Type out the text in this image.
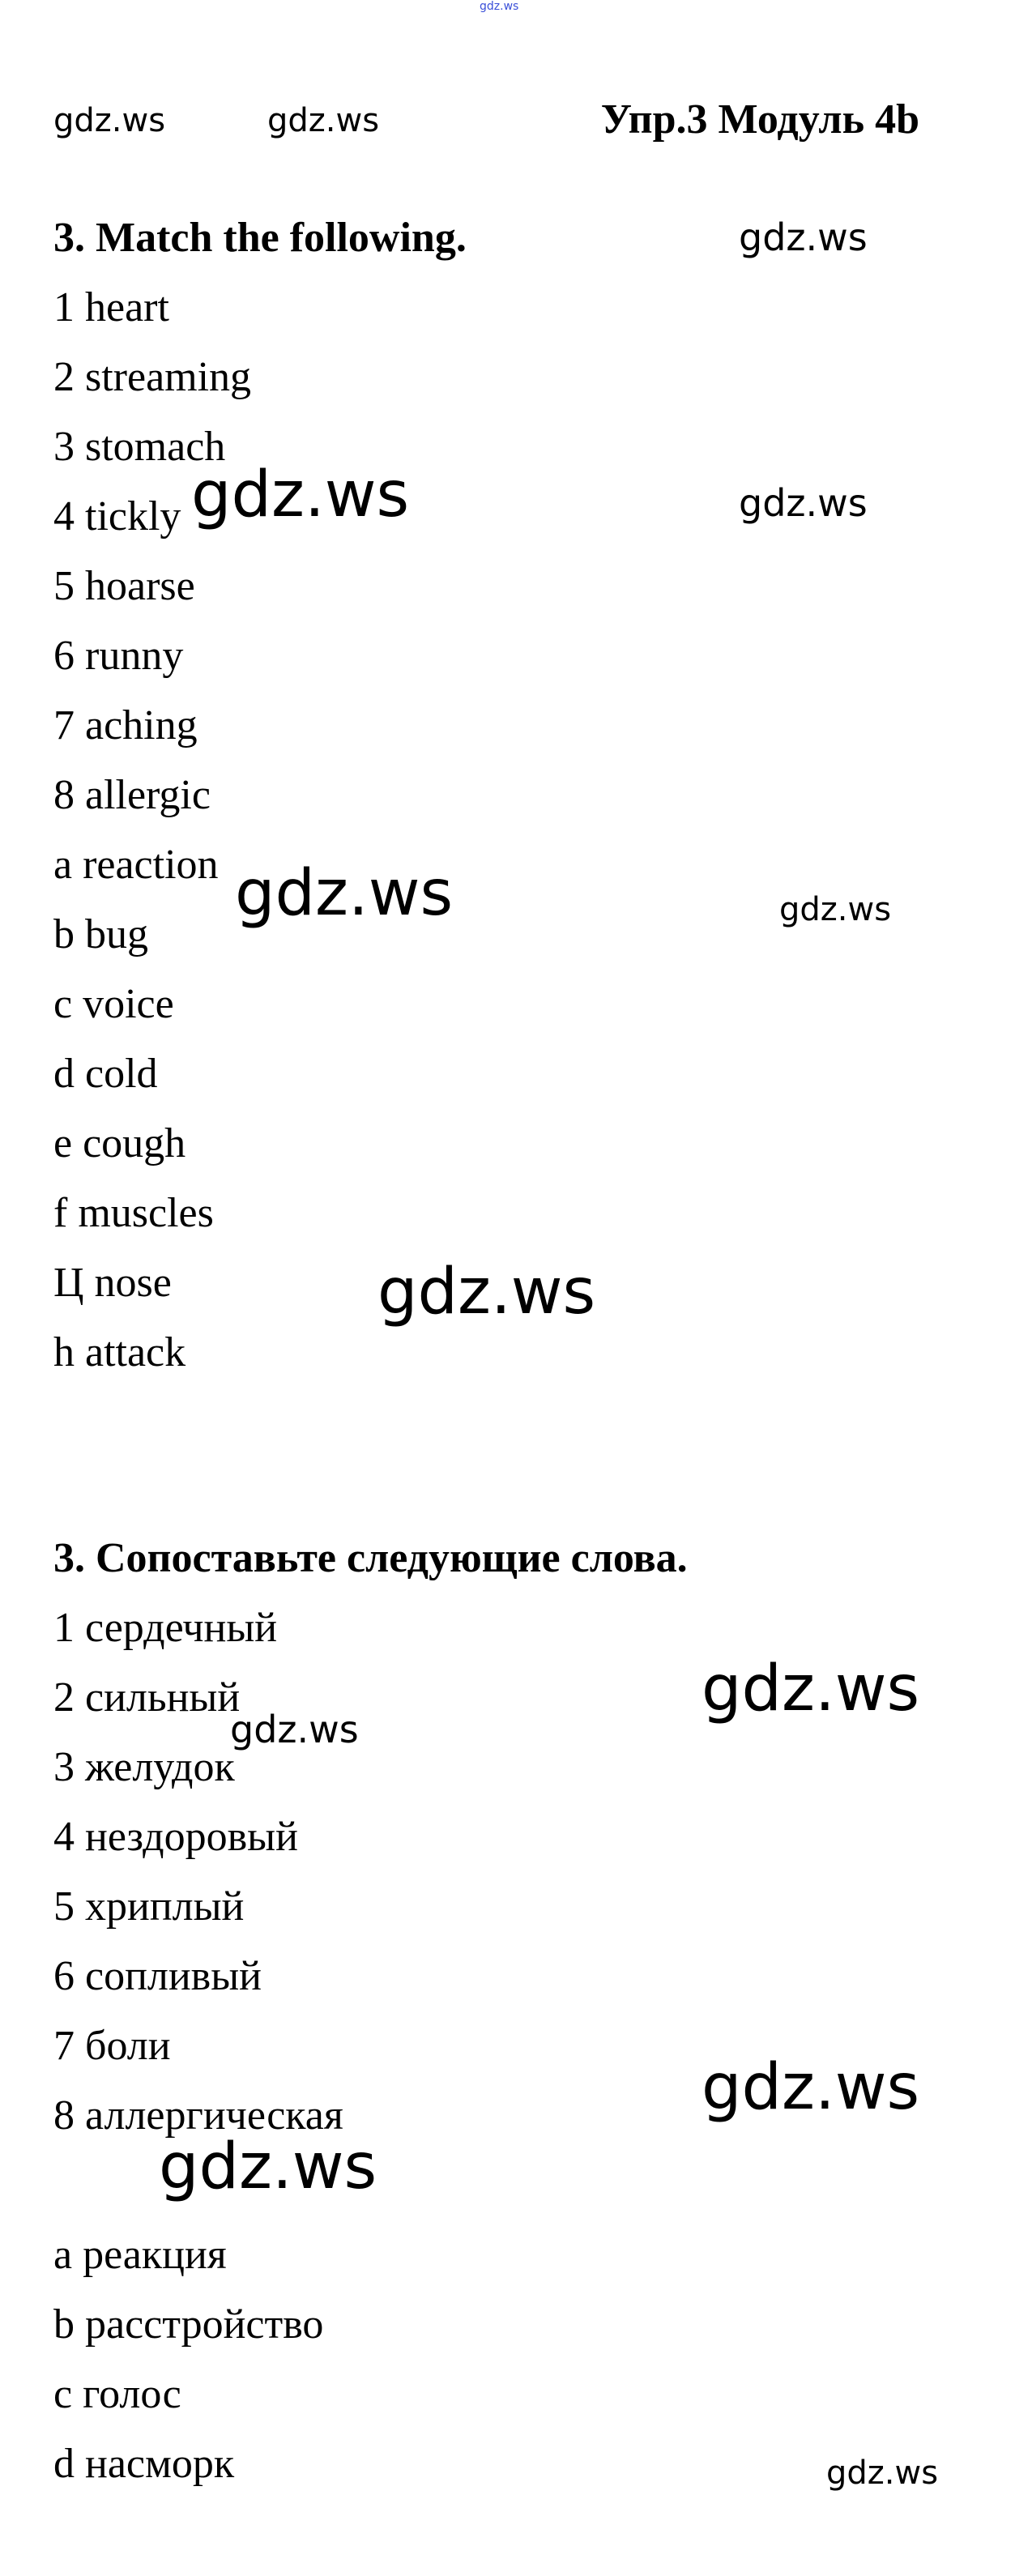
gdz.ws
gdz.ws	gdz.ws	Упр.3 Модуль 4b
3. Match the following.	gdz.ws
1 heart
2 streaming
3 stomach
4 tickly gdz.ws	gdz.ws
5 hoarse
6 runny
7 aching
8 allergic
a reaction gdz.ws	gdz.ws
b bug
c voice
d cold
e cough
f muscles
Ц nose	gdz.ws
h attack
3. Сопоставьте следующие слова.
1 сердечный
2 сильный	gdz.ws
gdz.ws
3 желудок
4 нездоровый
5 хриплый
6 сопливый
7 боли
gdz.ws
8 аллергическая
gdz.ws
a реакция
b расстройство
c голос
d насморк	gdz.ws
